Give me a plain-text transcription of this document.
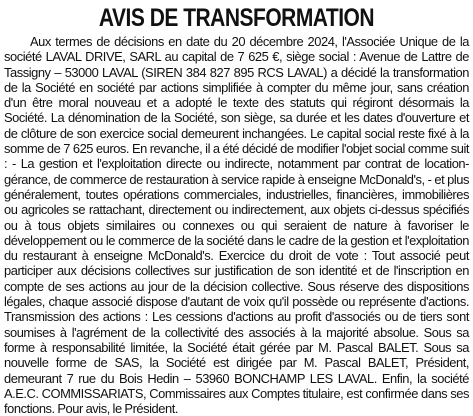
AVIS DE TRANSFORMATION

Aux termes de décisions en date du 20 décembre 2024, l'Associée Unique de la société LAVAL DRIVE, SARL au capital de 7 625 €, siège social : Avenue de Lattre de Tassigny – 53000 LAVAL (SIREN 384 827 895 RCS LAVAL) a décidé la transformation de la Société en société par actions simplifiée à compter du même jour, sans création d'un être moral nouveau et a adopté le texte des statuts qui régiront désormais la Société. La dénomination de la Société, son siège, sa durée et les dates d'ouverture et de clôture de son exercice social demeurent inchangées. Le capital social reste fixé à la somme de 7 625 euros. En revanche, il a été décidé de modifier l'objet social comme suit : - La gestion et l'exploitation directe ou indirecte, notamment par contrat de location-gérance, de commerce de restauration à service rapide à enseigne McDonald's, - et plus généralement, toutes opérations commerciales, industrielles, financières, immobilières ou agricoles se rattachant, directement ou indirectement, aux objets ci-dessus spécifiés ou à tous objets similaires ou connexes ou qui seraient de nature à favoriser le développement ou le commerce de la société dans le cadre de la gestion et l'exploitation du restaurant à enseigne McDonald's. Exercice du droit de vote : Tout associé peut participer aux décisions collectives sur justification de son identité et de l'inscription en compte de ses actions au jour de la décision collective. Sous réserve des dispositions légales, chaque associé dispose d'autant de voix qu'il possède ou représente d'actions. Transmission des actions : Les cessions d'actions au profit d'associés ou de tiers sont soumises à l'agrément de la collectivité des associés à la majorité absolue. Sous sa forme à responsabilité limitée, la Société était gérée par M. Pascal BALET. Sous sa nouvelle forme de SAS, la Société est dirigée par M. Pascal BALET, Président, demeurant 7 rue du Bois Hedin – 53960 BONCHAMP LES LAVAL. Enfin, la société A.E.C. COMMISSARIATS, Commissaires aux Comptes titulaire, est confirmée dans ses fonctions. Pour avis, le Président.
